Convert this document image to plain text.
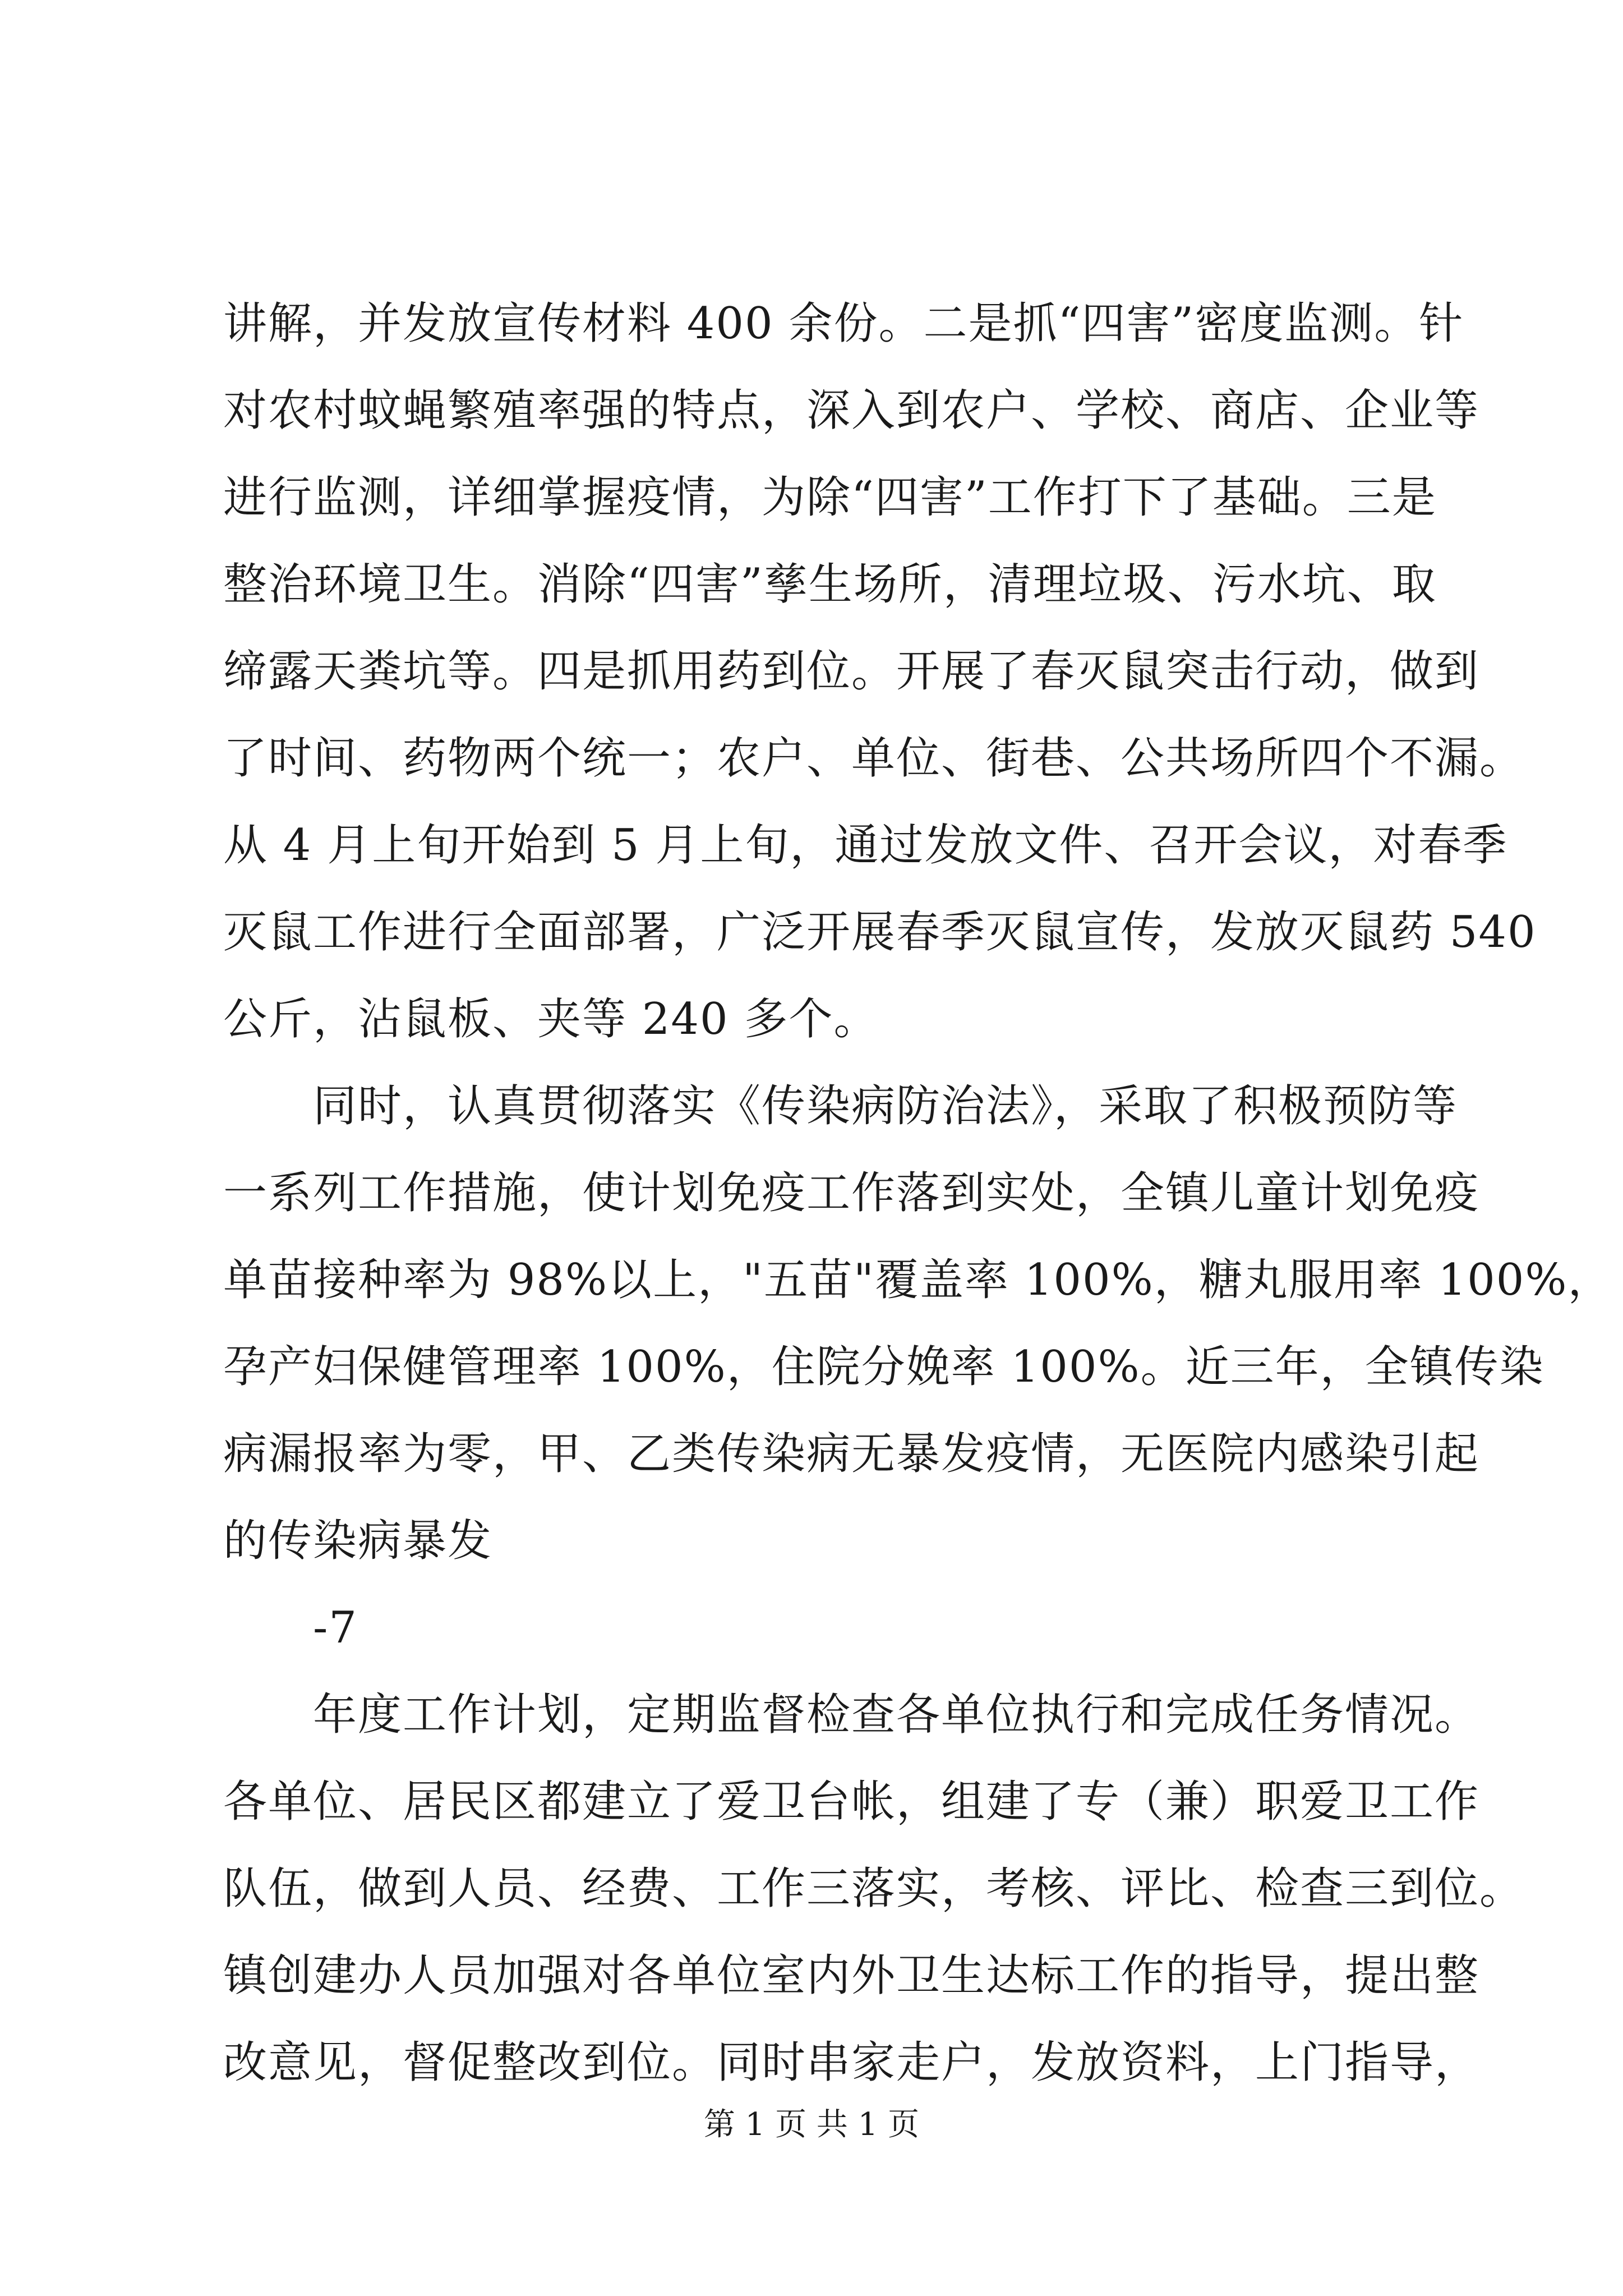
讲解，并发放宣传材料 400 余份。二是抓“四害”密度监测。针
对农村蚊蝇繁殖率强的特点，深入到农户、学校、商店、企业等
进行监测，详细掌握疫情，为除“四害”工作打下了基础。三是
整治环境卫生。消除“四害”孳生场所，清理垃圾、污水坑、取
缔露天粪坑等。四是抓用药到位。开展了春灭鼠突击行动，做到
了时间、药物两个统一；农户、单位、街巷、公共场所四个不漏。
从 4 月上旬开始到 5 月上旬，通过发放文件、召开会议，对春季
灭鼠工作进行全面部署，广泛开展春季灭鼠宣传，发放灭鼠药 540
公斤，沾鼠板、夹等 240 多个。
同时，认真贯彻落实《传染病防治法》，采取了积极预防等
一系列工作措施，使计划免疫工作落到实处，全镇儿童计划免疫
单苗接种率为 98%以上，"五苗"覆盖率 100%，糖丸服用率 100%，
孕产妇保健管理率 100%，住院分娩率 100%。近三年，全镇传染
病漏报率为零，甲、乙类传染病无暴发疫情，无医院内感染引起
的传染病暴发
-7
年度工作计划，定期监督检查各单位执行和完成任务情况。
各单位、居民区都建立了爱卫台帐，组建了专（兼）职爱卫工作
队伍，做到人员、经费、工作三落实，考核、评比、检查三到位。
镇创建办人员加强对各单位室内外卫生达标工作的指导，提出整
改意见，督促整改到位。同时串家走户，发放资料，上门指导，
第 1 页 共 1 页
